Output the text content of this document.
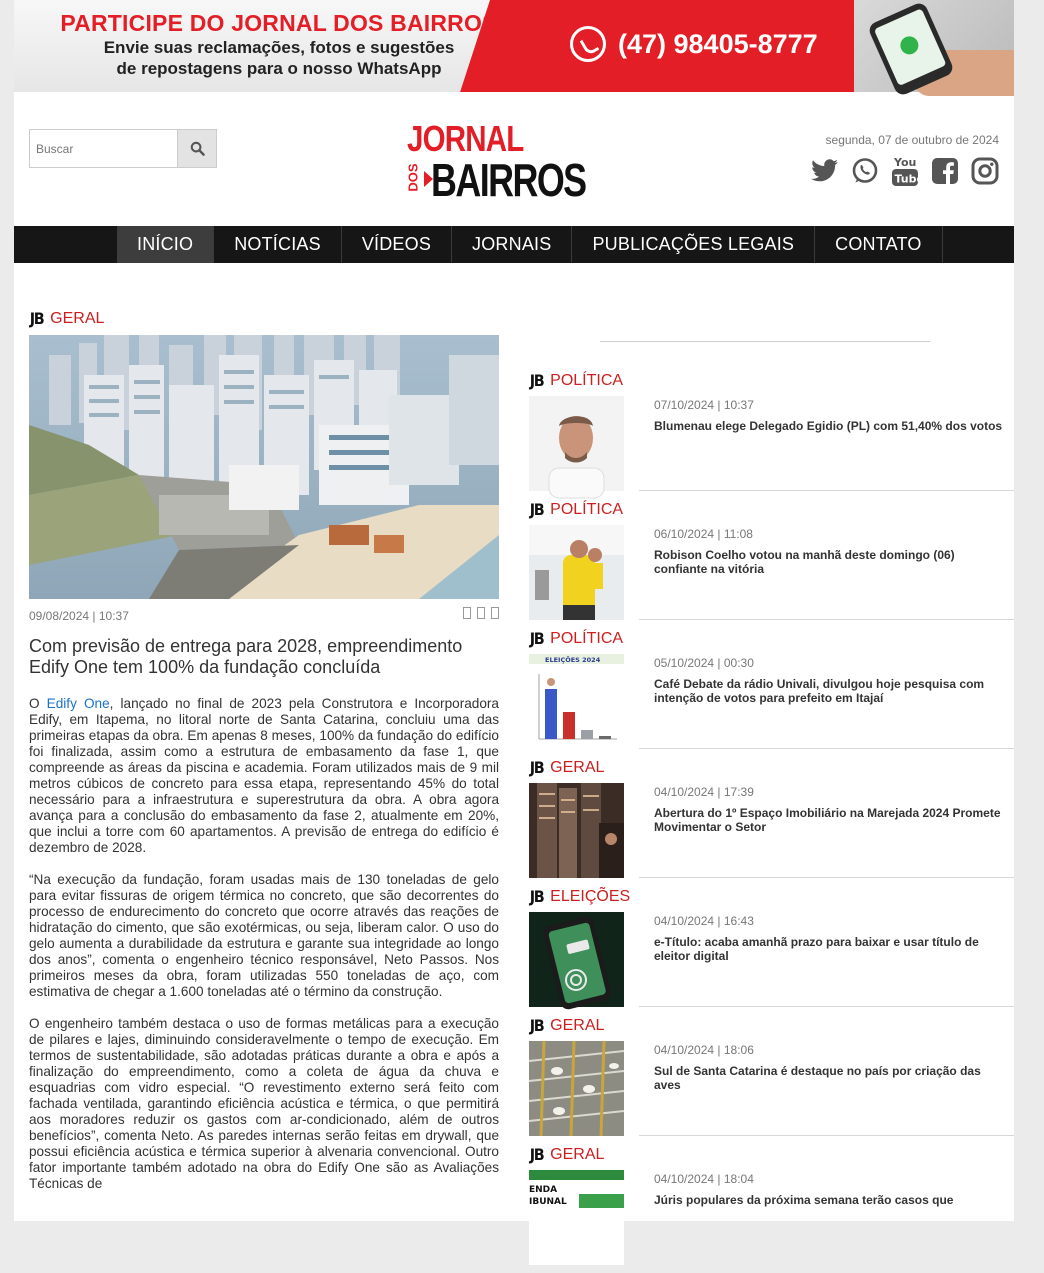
PARTICIPE DO JORNAL DOS BAIRROS
Envie suas reclamações, fotos e sugestões
de repostagens para o nosso WhatsApp
(47) 98405-8777
Buscar
JORNAL
DOS BAIRROS
segunda, 07 de outubro de 2024
You
Tube
INÍCIO	NOTÍCIAS	VÍDEOS	JORNAIS	PUBLICAÇÕES LEGAIS	CONTATO
JB GERAL
09/08/2024 | 10:37
Com previsão de entrega para 2028, empreendimento Edify One tem 100% da fundação concluída

O Edify One, lançado no final de 2023 pela Construtora e Incorporadora Edify, em Itapema, no litoral norte de Santa Catarina, concluiu uma das primeiras etapas da obra. Em apenas 8 meses, 100% da fundação do edifício foi finalizada, assim como a estrutura de embasamento da fase 1, que compreende as áreas da piscina e academia. Foram utilizados mais de 9 mil metros cúbicos de concreto para essa etapa, representando 45% do total necessário para a infraestrutura e superestrutura da obra. A obra agora avança para a conclusão do embasamento da fase 2, atualmente em 20%, que inclui a torre com 60 apartamentos. A previsão de entrega do edifício é dezembro de 2028.

“Na execução da fundação, foram usadas mais de 130 toneladas de gelo para evitar fissuras de origem térmica no concreto, que são decorrentes do processo de endurecimento do concreto que ocorre através das reações de hidratação do cimento, que são exotérmicas, ou seja, liberam calor. O uso do gelo aumenta a durabilidade da estrutura e garante sua integridade ao longo dos anos”, comenta o engenheiro técnico responsável, Neto Passos. Nos primeiros meses da obra, foram utilizadas 550 toneladas de aço, com estimativa de chegar a 1.600 toneladas até o término da construção.

O engenheiro também destaca o uso de formas metálicas para a execução de pilares e lajes, diminuindo consideravelmente o tempo de execução. Em termos de sustentabilidade, são adotadas práticas durante a obra e após a finalização do empreendimento, como a coleta de água da chuva e esquadrias com vidro especial. “O revestimento externo será feito com fachada ventilada, garantindo eficiência acústica e térmica, o que permitirá aos moradores reduzir os gastos com ar-condicionado, além de outros benefícios”, comenta Neto. As paredes internas serão feitas em drywall, que possui eficiência acústica e térmica superior à alvenaria convencional. Outro fator importante também adotado na obra do Edify One são as Avaliações Técnicas de

JB POLÍTICA
07/10/2024 | 10:37
Blumenau elege Delegado Egidio (PL) com 51,40% dos votos
JB POLÍTICA
06/10/2024 | 11:08
Robison Coelho votou na manhã deste domingo (06) confiante na vitória
JB POLÍTICA
ELEIÇÕES 2024	05/10/2024 | 00:30
Café Debate da rádio Univali, divulgou hoje pesquisa com intenção de votos para prefeito em Itajaí
JB GERAL
04/10/2024 | 17:39
Abertura do 1º Espaço Imobiliário na Marejada 2024 Promete Movimentar o Setor
JB ELEIÇÕES
04/10/2024 | 16:43
e-Título: acaba amanhã prazo para baixar e usar título de eleitor digital
JB GERAL
04/10/2024 | 18:06
Sul de Santa Catarina é destaque no país por criação das aves
JB GERAL
ENDA
IBUNAL
04/10/2024 | 18:04
Júris populares da próxima semana terão casos que
